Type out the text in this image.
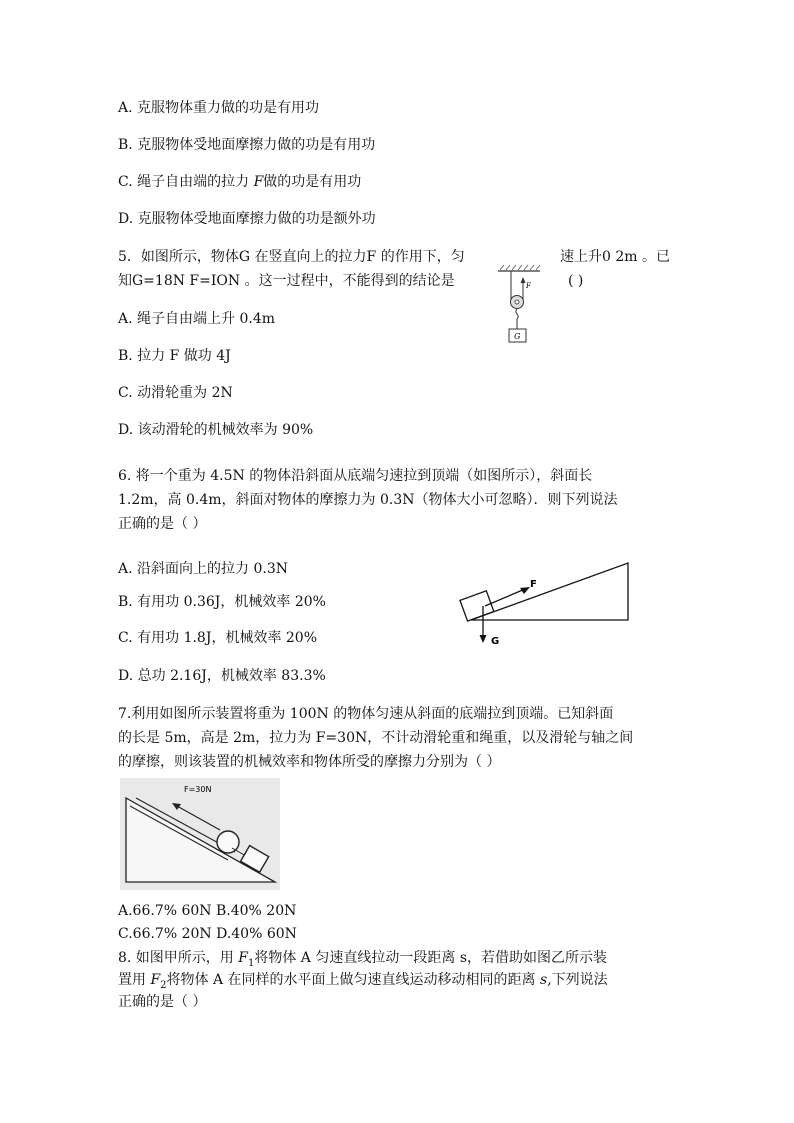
A. 克服物体重力做的功是有用功
B. 克服物体受地面摩擦力做的功是有用功
C. 绳子自由端的拉力 F做的功是有用功
D. 克服物体受地面摩擦力做的功是额外功
5．如图所示，物体G 在竖直向上的拉力F 的作用下，匀	速上升0 2m 。已
知G=18N F=ION 。这一过程中，不能得到的结论是	( )
F
G
A. 绳子自由端上升 0.4m
B. 拉力 F 做功 4J
C. 动滑轮重为 2N
D. 该动滑轮的机械效率为 90%
6. 将一个重为 4.5N 的物体沿斜面从底端匀速拉到顶端（如图所示），斜面长
1.2m，高 0.4m，斜面对物体的摩擦力为 0.3N（物体大小可忽略）．则下列说法
正确的是（ ）
A. 沿斜面向上的拉力 0.3N
B. 有用功 0.36J，机械效率 20%
C. 有用功 1.8J，机械效率 20%
D. 总功 2.16J，机械效率 83.3%
F
G
7.利用如图所示装置将重为 100N 的物体匀速从斜面的底端拉到顶端。已知斜面
的长是 5m，高是 2m，拉力为 F=30N，不计动滑轮重和绳重，以及滑轮与轴之间
的摩擦，则该装置的机械效率和物体所受的摩擦力分别为（ ）
F=30N
A.66.7% 60N B.40% 20N
C.66.7% 20N D.40% 60N
8. 如图甲所示，用 $F_1$将物体 A 匀速直线拉动一段距离 s，若借助如图乙所示装
置用 $F_2$将物体 A 在同样的水平面上做匀速直线运动移动相同的距离 s,下列说法
正确的是（ ）
